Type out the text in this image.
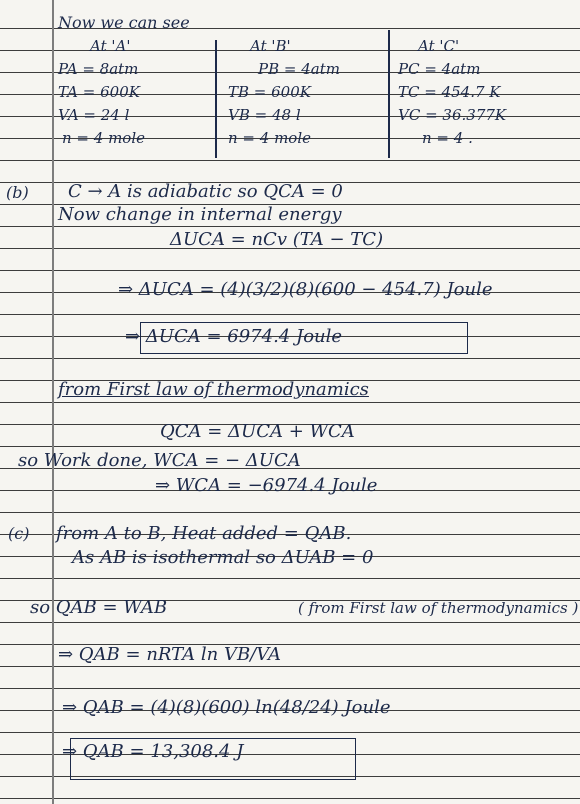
Now we can see
At 'A'
PA = 8atm
TA = 600K
VA = 24 l
n = 4 mole
At 'B'
PB = 4atm
TB = 600K
VB = 48 l
n = 4 mole
At 'C'
PC = 4atm
TC = 454.7 K
VC = 36.377K
n = 4 .
(b) C → A is adiabatic so QCA = 0
Now change in internal energy
ΔUCA = nCv (TA − TC)
⇒ ΔUCA = (4)(3/2)(8)(600 − 454.7) Joule
⇒ ΔUCA = 6974.4 Joule
from First law of thermodynamics
QCA = ΔUCA + WCA
so Work done, WCA = − ΔUCA
⇒ WCA = −6974.4 Joule
(c) from A to B, Heat added = QAB.
As AB is isothermal so ΔUAB = 0
so QAB = WAB	( from First law of thermodynamics )
⇒ QAB = nRTA ln VB/VA
⇒ QAB = (4)(8)(600) ln(48/24) Joule
⇒ QAB = 13,308.4 J
